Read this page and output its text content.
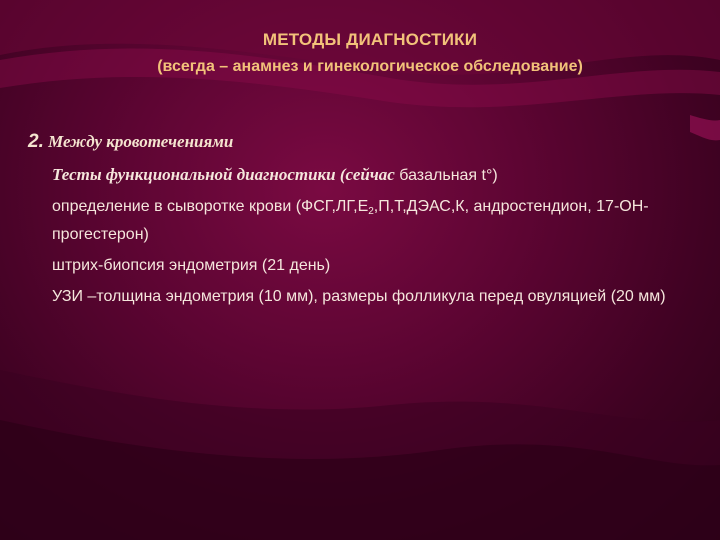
МЕТОДЫ ДИАГНОСТИКИ
(всегда – анамнез и гинекологическое обследование)
2. Между кровотечениями
Тесты функциональной диагностики (сейчас базальная t°)
определение в сыворотке крови ($ФСГ,ЛГ,Е_2,П,Т,ДЭАС,К$, андростендион, 17-ОН-прогестерон)
штрих-биопсия эндометрия (21 день)
УЗИ –толщина эндометрия (10 мм), размеры фолликула перед овуляцией (20 мм)
